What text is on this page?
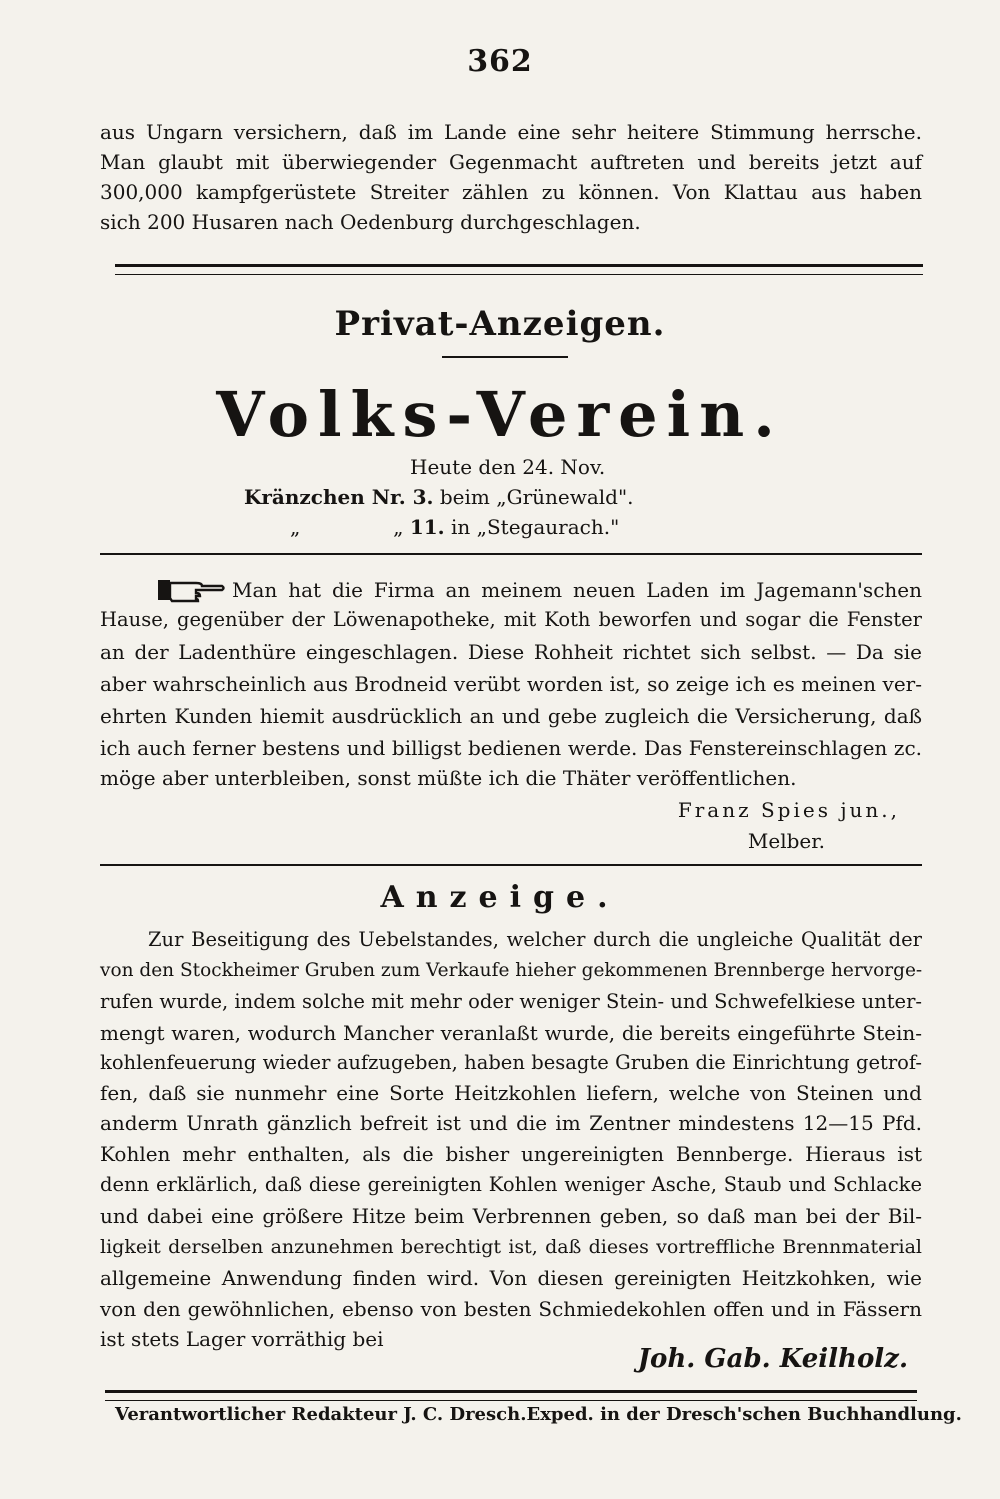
362
aus Ungarn versichern, daß im Lande eine sehr heitere Stimmung herrsche.
Man glaubt mit überwiegender Gegenmacht auftreten und bereits jetzt auf
300,000 kampfgerüstete Streiter zählen zu können. Von Klattau aus haben
sich 200 Husaren nach Oedenburg durchgeschlagen.
Privat-Anzeigen.
Volks-Verein.
Heute den 24. Nov.
Kränzchen Nr. 3. beim „Grünewald".
„	„ 11. in „Stegaurach."
Man hat die Firma an meinem neuen Laden im Jagemann'schen
Hause, gegenüber der Löwenapotheke, mit Koth beworfen und sogar die Fenster
an der Ladenthüre eingeschlagen. Diese Rohheit richtet sich selbst. — Da sie
aber wahrscheinlich aus Brodneid verübt worden ist, so zeige ich es meinen ver-
ehrten Kunden hiemit ausdrücklich an und gebe zugleich die Versicherung, daß
ich auch ferner bestens und billigst bedienen werde. Das Fenstereinschlagen zc.
möge aber unterbleiben, sonst müßte ich die Thäter veröffentlichen.
Franz Spies jun.,
Melber.
Anzeige.
Zur Beseitigung des Uebelstandes, welcher durch die ungleiche Qualität der
von den Stockheimer Gruben zum Verkaufe hieher gekommenen Brennberge hervorge-
rufen wurde, indem solche mit mehr oder weniger Stein- und Schwefelkiese unter-
mengt waren, wodurch Mancher veranlaßt wurde, die bereits eingeführte Stein-
kohlenfeuerung wieder aufzugeben, haben besagte Gruben die Einrichtung getrof-
fen, daß sie nunmehr eine Sorte Heitzkohlen liefern, welche von Steinen und
anderm Unrath gänzlich befreit ist und die im Zentner mindestens 12—15 Pfd.
Kohlen mehr enthalten, als die bisher ungereinigten Bennberge. Hieraus ist
denn erklärlich, daß diese gereinigten Kohlen weniger Asche, Staub und Schlacke
und dabei eine größere Hitze beim Verbrennen geben, so daß man bei der Bil-
ligkeit derselben anzunehmen berechtigt ist, daß dieses vortreffliche Brennmaterial
allgemeine Anwendung finden wird. Von diesen gereinigten Heitzkohken, wie
von den gewöhnlichen, ebenso von besten Schmiedekohlen offen und in Fässern
ist stets Lager vorräthig bei
Joh. Gab. Keilholz.
Verantwortlicher Redakteur J. C. Dresch. Exped. in der Dresch'schen Buchhandlung.
